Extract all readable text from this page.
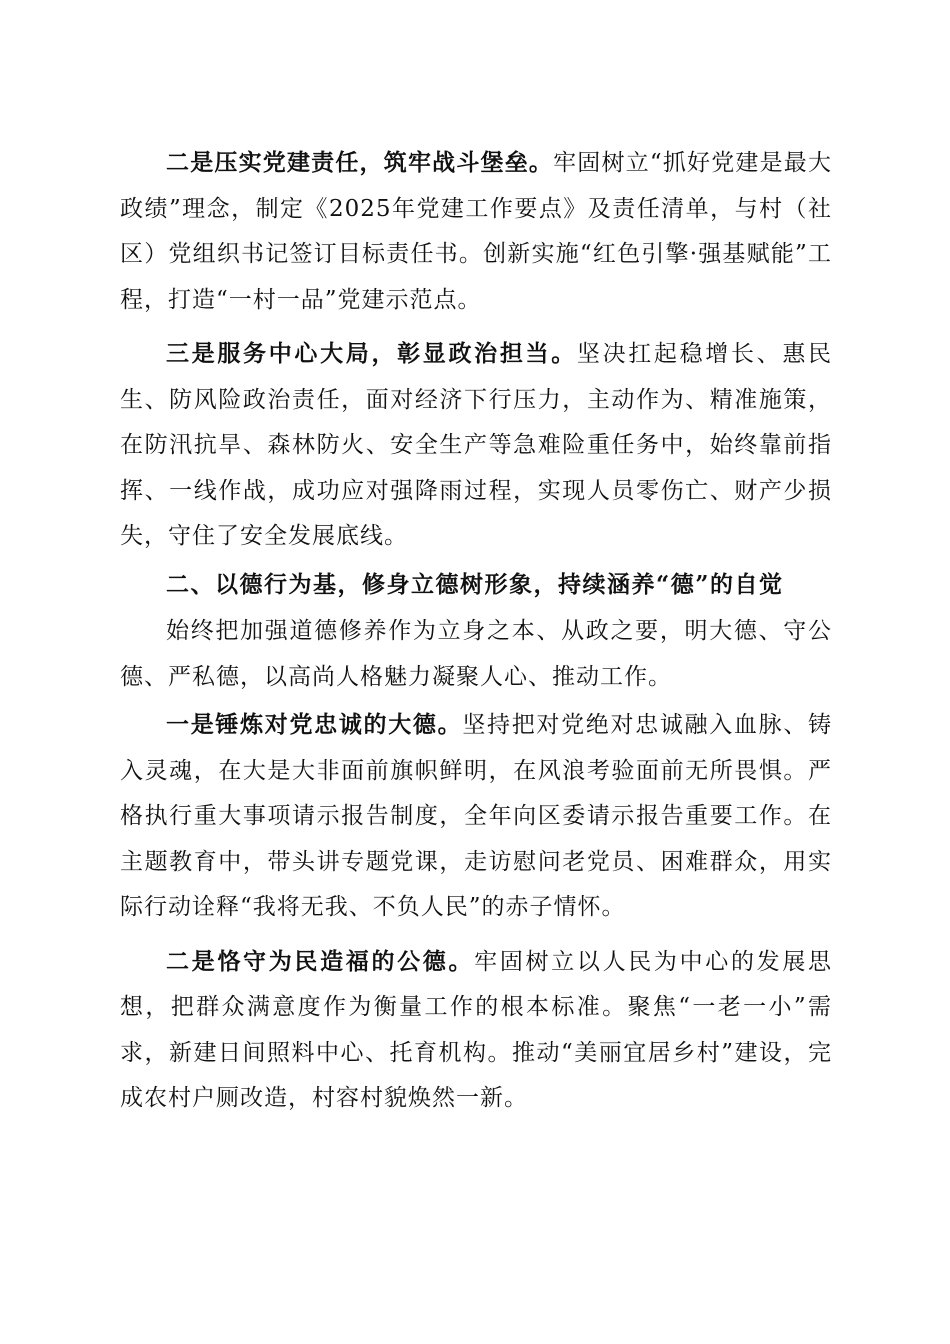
二是压实党建责任，筑牢战斗堡垒。牢固树立“抓好党建是最大政绩”理念，制定《2025年党建工作要点》及责任清单，与村（社区）党组织书记签订目标责任书。创新实施“红色引擎·强基赋能”工程，打造“一村一品”党建示范点。

三是服务中心大局，彰显政治担当。坚决扛起稳增长、惠民生、防风险政治责任，面对经济下行压力，主动作为、精准施策，在防汛抗旱、森林防火、安全生产等急难险重任务中，始终靠前指挥、一线作战，成功应对强降雨过程，实现人员零伤亡、财产少损失，守住了安全发展底线。

二、以德行为基，修身立德树形象，持续涵养“德”的自觉

始终把加强道德修养作为立身之本、从政之要，明大德、守公德、严私德，以高尚人格魅力凝聚人心、推动工作。

一是锤炼对党忠诚的大德。坚持把对党绝对忠诚融入血脉、铸入灵魂，在大是大非面前旗帜鲜明，在风浪考验面前无所畏惧。严格执行重大事项请示报告制度，全年向区委请示报告重要工作。在主题教育中，带头讲专题党课，走访慰问老党员、困难群众，用实际行动诠释“我将无我、不负人民”的赤子情怀。

二是恪守为民造福的公德。牢固树立以人民为中心的发展思想，把群众满意度作为衡量工作的根本标准。聚焦“一老一小”需求，新建日间照料中心、托育机构。推动“美丽宜居乡村”建设，完成农村户厕改造，村容村貌焕然一新。
